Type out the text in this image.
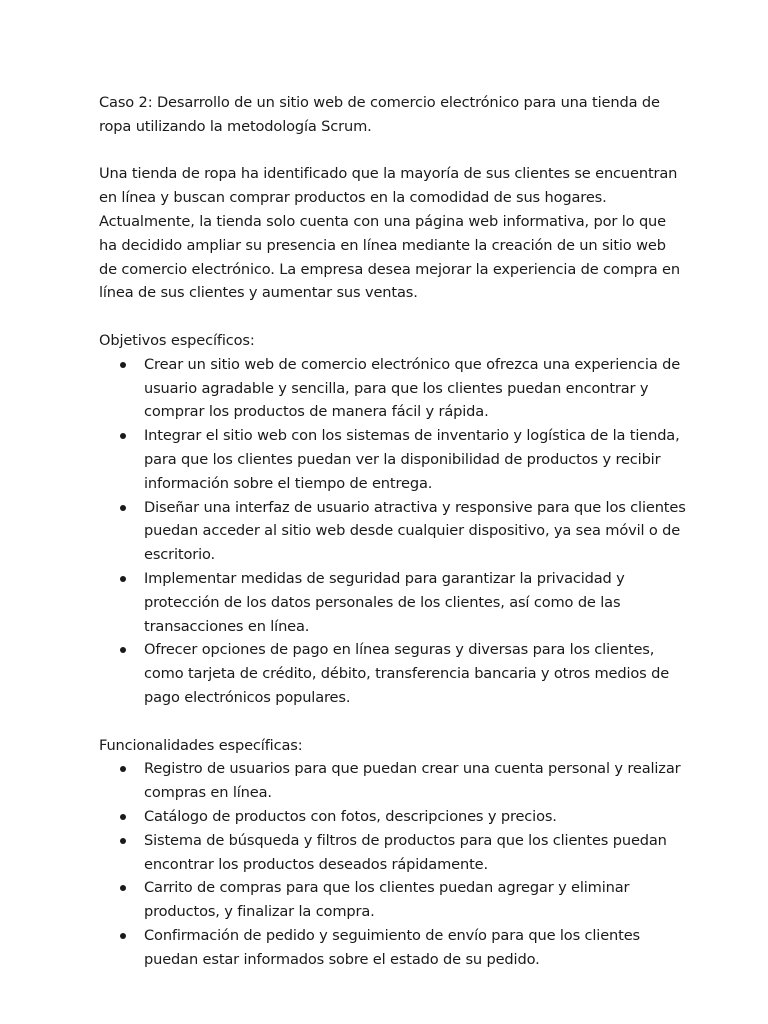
Caso 2: Desarrollo de un sitio web de comercio electrónico para una tienda de
ropa utilizando la metodología Scrum.
Una tienda de ropa ha identificado que la mayoría de sus clientes se encuentran
en línea y buscan comprar productos en la comodidad de sus hogares.
Actualmente, la tienda solo cuenta con una página web informativa, por lo que
ha decidido ampliar su presencia en línea mediante la creación de un sitio web
de comercio electrónico. La empresa desea mejorar la experiencia de compra en
línea de sus clientes y aumentar sus ventas.
Objetivos específicos:
Crear un sitio web de comercio electrónico que ofrezca una experiencia de
usuario agradable y sencilla, para que los clientes puedan encontrar y
comprar los productos de manera fácil y rápida.
Integrar el sitio web con los sistemas de inventario y logística de la tienda,
para que los clientes puedan ver la disponibilidad de productos y recibir
información sobre el tiempo de entrega.
Diseñar una interfaz de usuario atractiva y responsive para que los clientes
puedan acceder al sitio web desde cualquier dispositivo, ya sea móvil o de
escritorio.
Implementar medidas de seguridad para garantizar la privacidad y
protección de los datos personales de los clientes, así como de las
transacciones en línea.
Ofrecer opciones de pago en línea seguras y diversas para los clientes,
como tarjeta de crédito, débito, transferencia bancaria y otros medios de
pago electrónicos populares.
Funcionalidades específicas:
Registro de usuarios para que puedan crear una cuenta personal y realizar
compras en línea.
Catálogo de productos con fotos, descripciones y precios.
Sistema de búsqueda y filtros de productos para que los clientes puedan
encontrar los productos deseados rápidamente.
Carrito de compras para que los clientes puedan agregar y eliminar
productos, y finalizar la compra.
Confirmación de pedido y seguimiento de envío para que los clientes
puedan estar informados sobre el estado de su pedido.
